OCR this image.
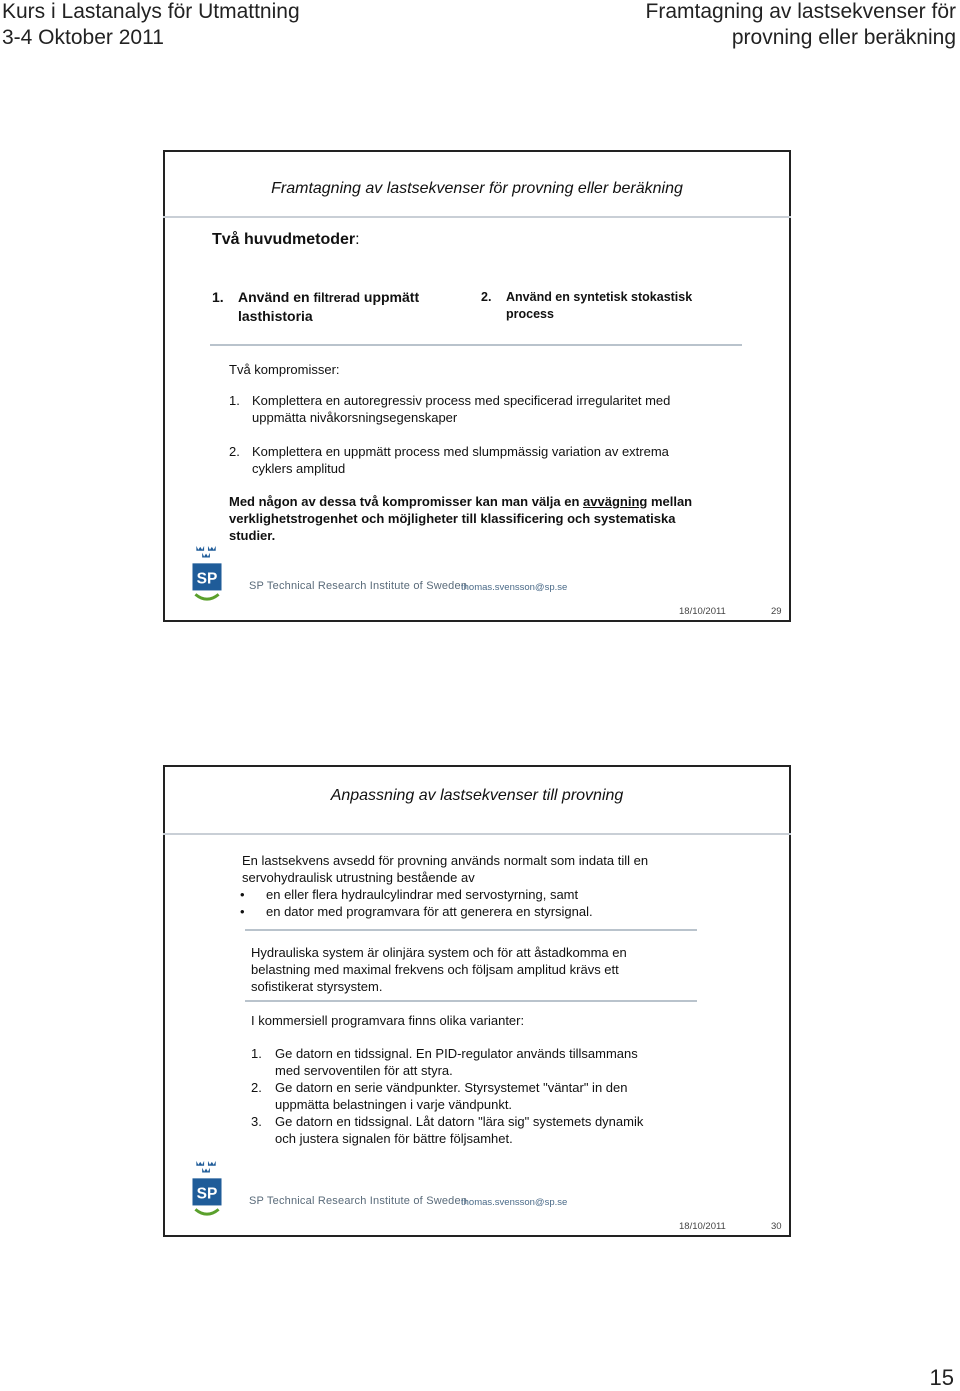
Kurs i Lastanalys för Utmattning
3-4 Oktober 2011
Framtagning av lastsekvenser för
provning eller beräkning
Framtagning av lastsekvenser för provning eller beräkning
Två huvudmetoder:
1. Använd en filtrerad uppmätt
lasthistoria
2. Använd en syntetisk stokastisk
process
Två kompromisser:
1. Komplettera en autoregressiv process med specificerad irregularitet med
uppmätta nivåkorsningsegenskaper
2. Komplettera en uppmätt process med slumpmässig variation av extrema
cyklers amplitud
Med någon av dessa två kompromisser kan man välja en avvägning mellan
verklighetstrogenhet och möjligheter till klassificering och systematiska
studier.
SP	SP Technical Research Institute of Sweden
thomas.svensson@sp.se
18/10/2011	29
Anpassning av lastsekvenser till provning
En lastsekvens avsedd för provning används normalt som indata till en
servohydraulisk utrustning bestående av
• en eller flera hydraulcylindrar med servostyrning, samt
• en dator med programvara för att generera en styrsignal.
Hydrauliska system är olinjära system och för att åstadkomma en
belastning med maximal frekvens och följsam amplitud krävs ett
sofistikerat styrsystem.
I kommersiell programvara finns olika varianter:
1. Ge datorn en tidssignal. En PID-regulator används tillsammans
med servoventilen för att styra.
2. Ge datorn en serie vändpunkter. Styrsystemet "väntar" in den
uppmätta belastningen i varje vändpunkt.
3. Ge datorn en tidssignal. Låt datorn "lära sig" systemets dynamik
och justera signalen för bättre följsamhet.
SP	SP Technical Research Institute of Sweden
thomas.svensson@sp.se
18/10/2011	30
15
